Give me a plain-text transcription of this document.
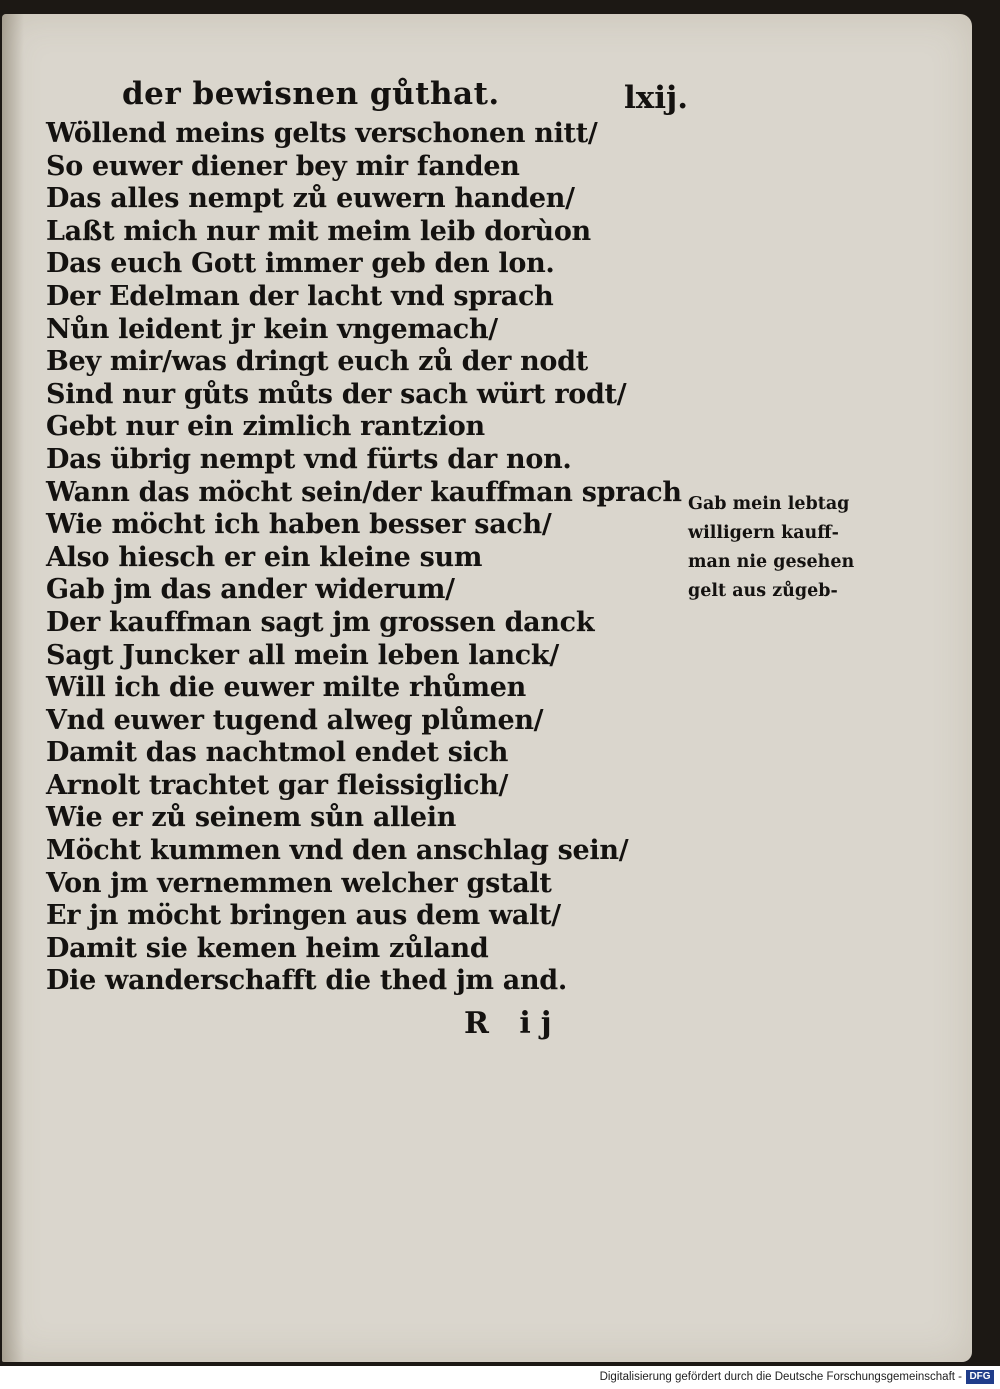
der bewisnen gůthat.	lxij.
Wöllend meins gelts verschonen nitt/
So euwer diener bey mir fanden
Das alles nempt zů euwern handen/
Laßt mich nur mit meim leib dorùon
Das euch Gott immer geb den lon.
Der Edelman der lacht vnd sprach
Nůn leident jr kein vngemach/
Bey mir/was dringt euch zů der nodt
Sind nur gůts můts der sach würt rodt/
Gebt nur ein zimlich rantzion
Das übrig nempt vnd fürts dar non.
Wann das möcht sein/der kauffman sprach
Wie möcht ich haben besser sach/
Also hiesch er ein kleine sum
Gab jm das ander widerum/
Der kauffman sagt jm grossen danck
Sagt Juncker all mein leben lanck/
Will ich die euwer milte rhůmen
Vnd euwer tugend alweg plůmen/
Damit das nachtmol endet sich
Arnolt trachtet gar fleissiglich/
Wie er zů seinem sůn allein
Möcht kummen vnd den anschlag sein/
Von jm vernemmen welcher gstalt
Er jn möcht bringen aus dem walt/
Damit sie kemen heim zůland
Die wanderschafft die thed jm and.
R ij
Gab mein lebtag
willigern kauff-
man nie gesehen
gelt aus zůgeb-
Digitalisierung gefördert durch die Deutsche Forschungsgemeinschaft - DFG
